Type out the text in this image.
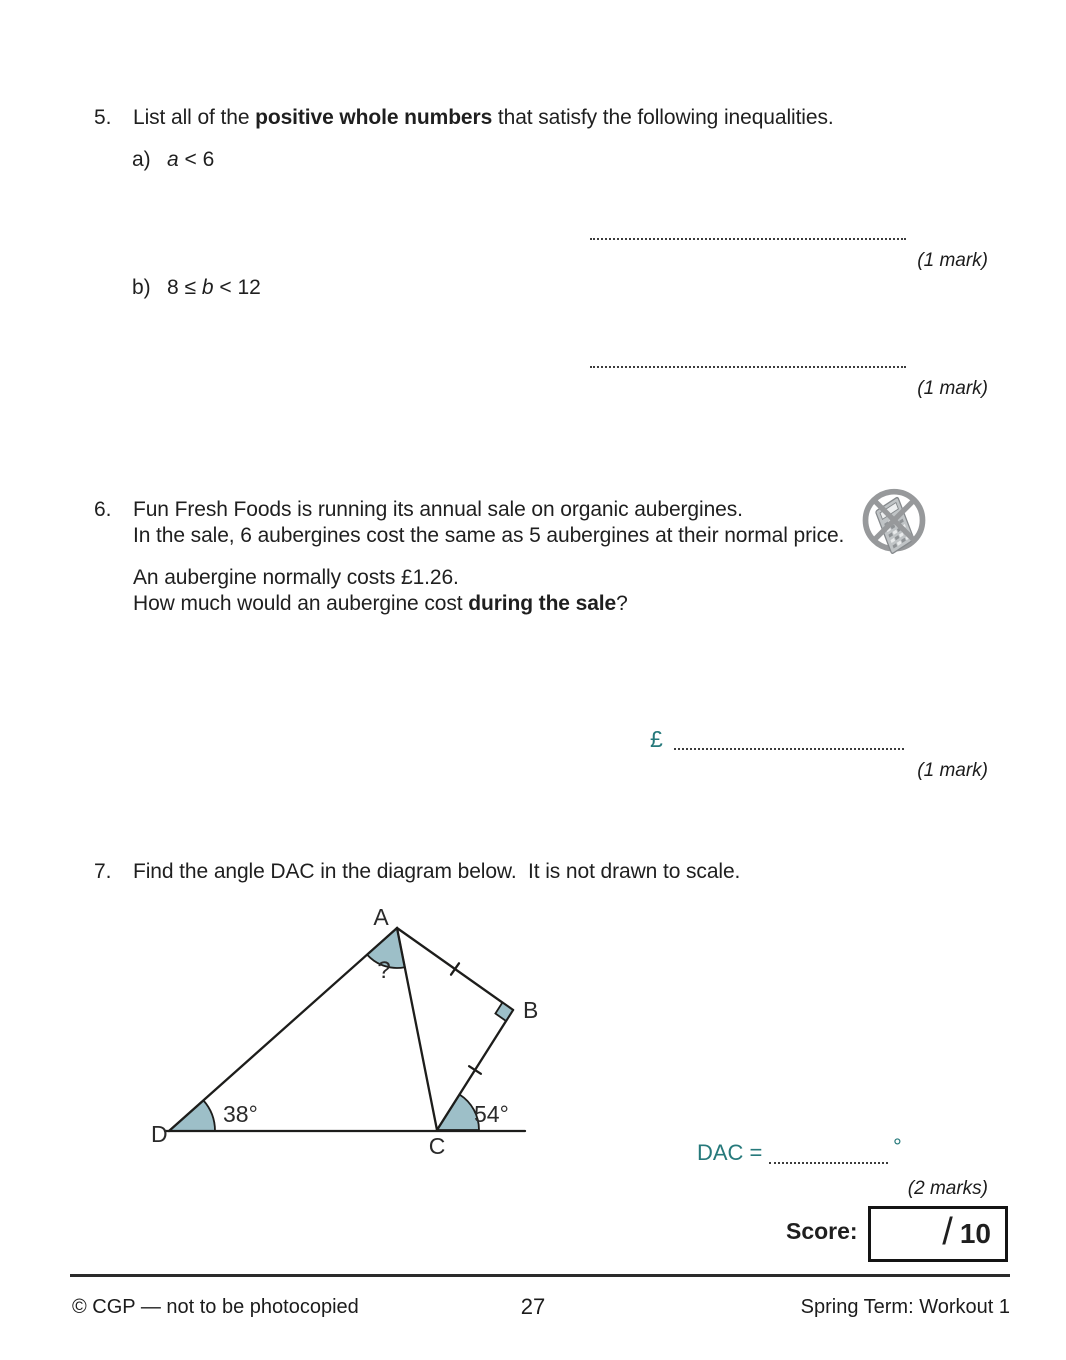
5. List all of the positive whole numbers that satisfy the following inequalities.
a) a < 6
(1 mark)
b) 8 ≤ b < 12
(1 mark)
6. Fun Fresh Foods is running its annual sale on organic aubergines.
In the sale, 6 aubergines cost the same as 5 aubergines at their normal price.
An aubergine normally costs £1.26.
How much would an aubergine cost during the sale?
£
(1 mark)
7. Find the angle DAC in the diagram below.  It is not drawn to scale.
A
B
C
D
?
38°	54°
DAC =	°
(2 marks)
Score: / 10
© CGP — not to be photocopied	27	Spring Term: Workout 1
